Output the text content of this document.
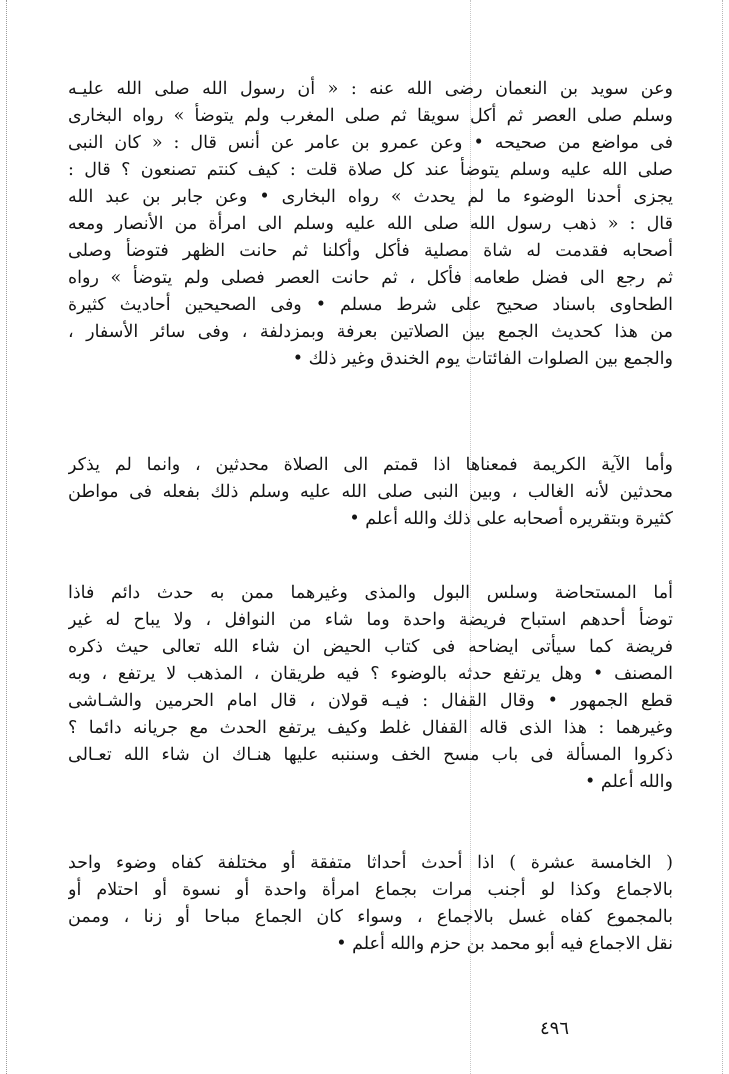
وعن سويد بن النعمان رضى الله عنه : « أن رسول الله صلى الله عليـه
وسلم صلى العصر ثم أكل سويقا ثم صلى المغرب ولم يتوضأ » رواه البخارى
فى مواضع من صحيحه • وعن عمرو بن عامر عن أنس قال : « كان النبى
صلى الله عليه وسلم يتوضأ عند كل صلاة قلت : كيف كنتم تصنعون ؟ قال :
يجزى أحدنا الوضوء ما لم يحدث » رواه البخارى • وعن جابر بن عبد الله
قال : « ذهب رسول الله صلى الله عليه وسلم الى امرأة من الأنصار ومعه
أصحابه فقدمت له شاة مصلية فأكل وأكلنا ثم حانت الظهر فتوضأ وصلى
ثم رجع الى فضل طعامه فأكل ، ثم حانت العصر فصلى ولم يتوضأ » رواه
الطحاوى باسناد صحيح على شرط مسلم • وفى الصحيحين أحاديث كثيرة
من هذا كحديث الجمع بين الصلاتين بعرفة وبمزدلفة ، وفى سائر الأسفار ،
والجمع بين الصلوات الفائتات يوم الخندق وغير ذلك •
وأما الآية الكريمة فمعناها اذا قمتم الى الصلاة محدثين ، وانما لم يذكر
محدثين لأنه الغالب ، وبين النبى صلى الله عليه وسلم ذلك بفعله فى مواطن
كثيرة وبتقريره أصحابه على ذلك والله أعلم •
أما المستحاضة وسلس البول والمذى وغيرهما ممن به حدث دائم فاذا
توضأ أحدهم استباح فريضة واحدة وما شاء من النوافل ، ولا يباح له غير
فريضة كما سيأتى ايضاحه فى كتاب الحيض ان شاء الله تعالى حيث ذكره
المصنف • وهل يرتفع حدثه بالوضوء ؟ فيه طريقان ، المذهب لا يرتفع ، وبه
قطع الجمهور • وقال القفال : فيـه قولان ، قال امام الحرمين والشـاشى
وغيرهما : هذا الذى قاله القفال غلط وكيف يرتفع الحدث مع جريانه دائما ؟
ذكروا المسألة فى باب مسح الخف وسننبه عليها هنـاك ان شاء الله تعـالى
والله أعلم •
( الخامسة عشرة ) اذا أحدث أحداثا متفقة أو مختلفة كفاه وضوء واحد
بالاجماع وكذا لو أجنب مرات بجماع امرأة واحدة أو نسوة أو احتلام أو
بالمجموع كفاه غسل بالاجماع ، وسواء كان الجماع مباحا أو زنا ، وممن
نقل الاجماع فيه أبو محمد بن حزم والله أعلم •
٤٩٦
